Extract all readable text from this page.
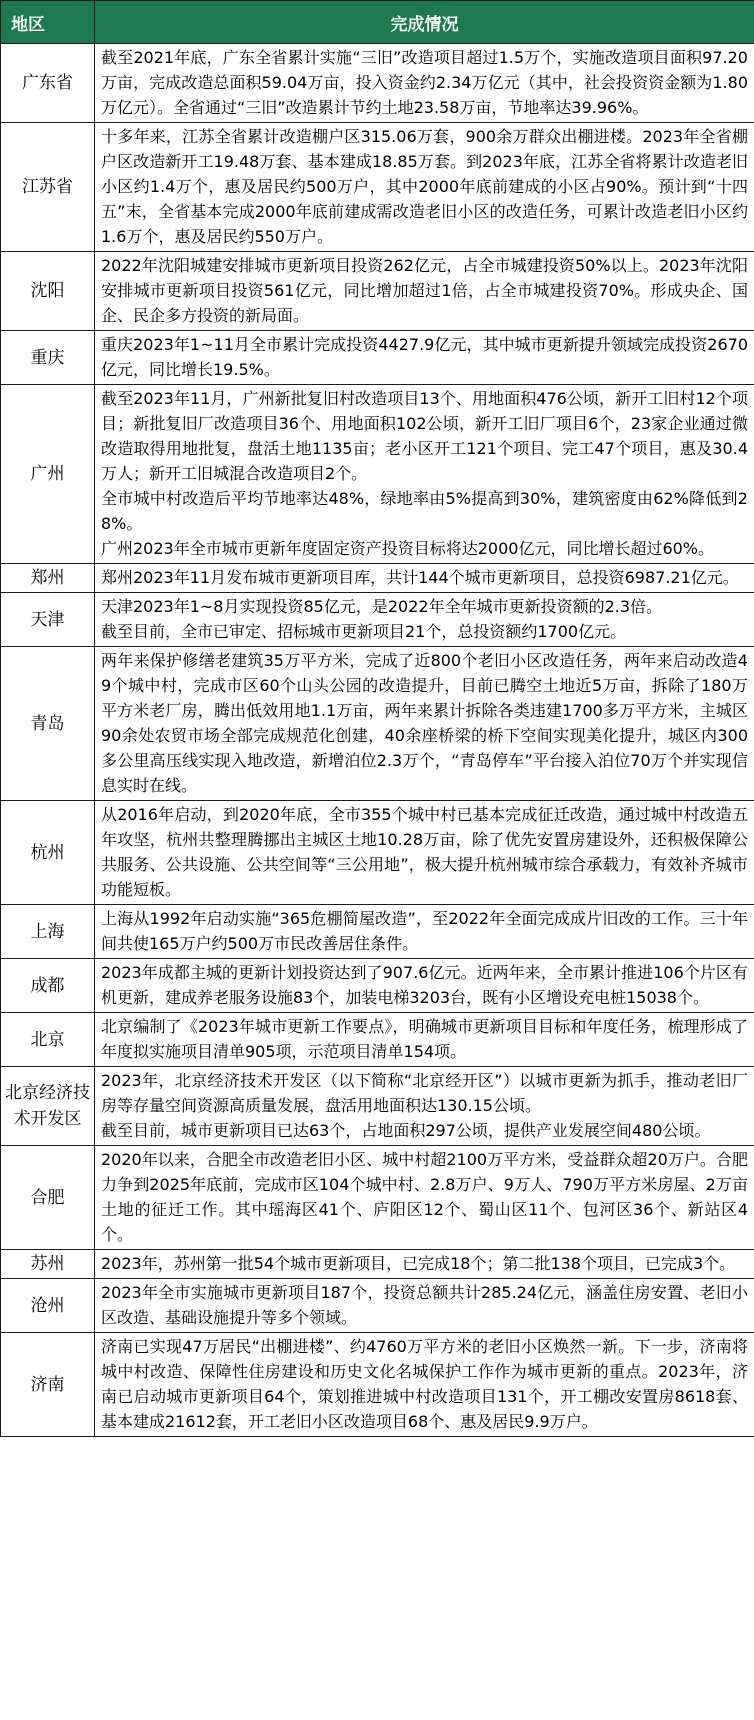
地区	完成情况
广东省	截至2021年底，广东全省累计实施“三旧”改造项目超过1.5万个，实施改造项目面积97.20万亩，完成改造总面积59.04万亩，投入资金约2.34万亿元（其中，社会投资资金额为1.80万亿元）。全省通过“三旧”改造累计节约土地23.58万亩，节地率达39.96%。

江苏省	十多年来，江苏全省累计改造棚户区315.06万套，900余万群众出棚进楼。2023年全省棚户区改造新开工19.48万套、基本建成18.85万套。到2023年底，江苏全省将累计改造老旧小区约1.4万个，惠及居民约500万户，其中2000年底前建成的小区占90%。预计到“十四五”末，全省基本完成2000年底前建成需改造老旧小区的改造任务，可累计改造老旧小区约1.6万个，惠及居民约550万户。

沈阳	2022年沈阳城建安排城市更新项目投资262亿元，占全市城建投资50%以上。2023年沈阳安排城市更新项目投资561亿元，同比增加超过1倍，占全市城建投资70%。形成央企、国企、民企多方投资的新局面。

重庆	重庆2023年1~11月全市累计完成投资4427.9亿元，其中城市更新提升领域完成投资2670亿元，同比增长19.5%。

广州	截至2023年11月，广州新批复旧村改造项目13个、用地面积476公顷，新开工旧村12个项目；新批复旧厂改造项目36个、用地面积102公顷，新开工旧厂项目6个，23家企业通过微改造取得用地批复，盘活土地1135亩；老小区开工121个项目、完工47个项目，惠及30.4万人；新开工旧城混合改造项目2个。
全市城中村改造后平均节地率达48%，绿地率由5%提高到30%，建筑密度由62%降低到28%。
广州2023年全市城市更新年度固定资产投资目标将达2000亿元，同比增长超过60%。

郑州	郑州2023年11月发布城市更新项目库，共计144个城市更新项目，总投资6987.21亿元。

天津	天津2023年1~8月实现投资85亿元，是2022年全年城市更新投资额的2.3倍。
截至目前，全市已审定、招标城市更新项目21个，总投资额约1700亿元。

青岛	两年来保护修缮老建筑35万平方米，完成了近800个老旧小区改造任务，两年来启动改造49个城中村，完成市区60个山头公园的改造提升，目前已腾空土地近5万亩，拆除了180万平方米老厂房，腾出低效用地1.1万亩，两年来累计拆除各类违建1700多万平方米，主城区90余处农贸市场全部完成规范化创建，40余座桥梁的桥下空间实现美化提升，城区内300多公里高压线实现入地改造，新增泊位2.3万个，“青岛停车”平台接入泊位70万个并实现信息实时在线。

杭州	从2016年启动，到2020年底，全市355个城中村已基本完成征迁改造，通过城中村改造五年攻坚，杭州共整理腾挪出主城区土地10.28万亩，除了优先安置房建设外，还积极保障公共服务、公共设施、公共空间等“三公用地”，极大提升杭州城市综合承载力，有效补齐城市功能短板。

上海	上海从1992年启动实施“365危棚简屋改造”，至2022年全面完成成片旧改的工作。三十年间共使165万户约500万市民改善居住条件。

成都	2023年成都主城的更新计划投资达到了907.6亿元。近两年来，全市累计推进106个片区有机更新，建成养老服务设施83个，加装电梯3203台，既有小区增设充电桩15038个。

北京	北京编制了《2023年城市更新工作要点》，明确城市更新项目目标和年度任务，梳理形成了年度拟实施项目清单905项，示范项目清单154项。

北京经济技术开发区	2023年，北京经济技术开发区（以下简称“北京经开区”）以城市更新为抓手，推动老旧厂房等存量空间资源高质量发展，盘活用地面积达130.15公顷。
截至目前，城市更新项目已达63个，占地面积297公顷，提供产业发展空间480公顷。

合肥	2020年以来，合肥全市改造老旧小区、城中村超2100万平方米，受益群众超20万户。合肥力争到2025年底前，完成市区104个城中村、2.8万户、9万人、790万平方米房屋、2万亩土地的征迁工作。其中瑶海区41个、庐阳区12个、蜀山区11个、包河区36个、新站区4个。

苏州	2023年，苏州第一批54个城市更新项目，已完成18个；第二批138个项目，已完成3个。

沧州	2023年全市实施城市更新项目187个，投资总额共计285.24亿元，涵盖住房安置、老旧小区改造、基础设施提升等多个领域。

济南	济南已实现47万居民“出棚进楼”、约4760万平方米的老旧小区焕然一新。下一步，济南将城中村改造、保障性住房建设和历史文化名城保护工作作为城市更新的重点。2023年，济南已启动城市更新项目64个，策划推进城中村改造项目131个，开工棚改安置房8618套、基本建成21612套，开工老旧小区改造项目68个、惠及居民9.9万户。
